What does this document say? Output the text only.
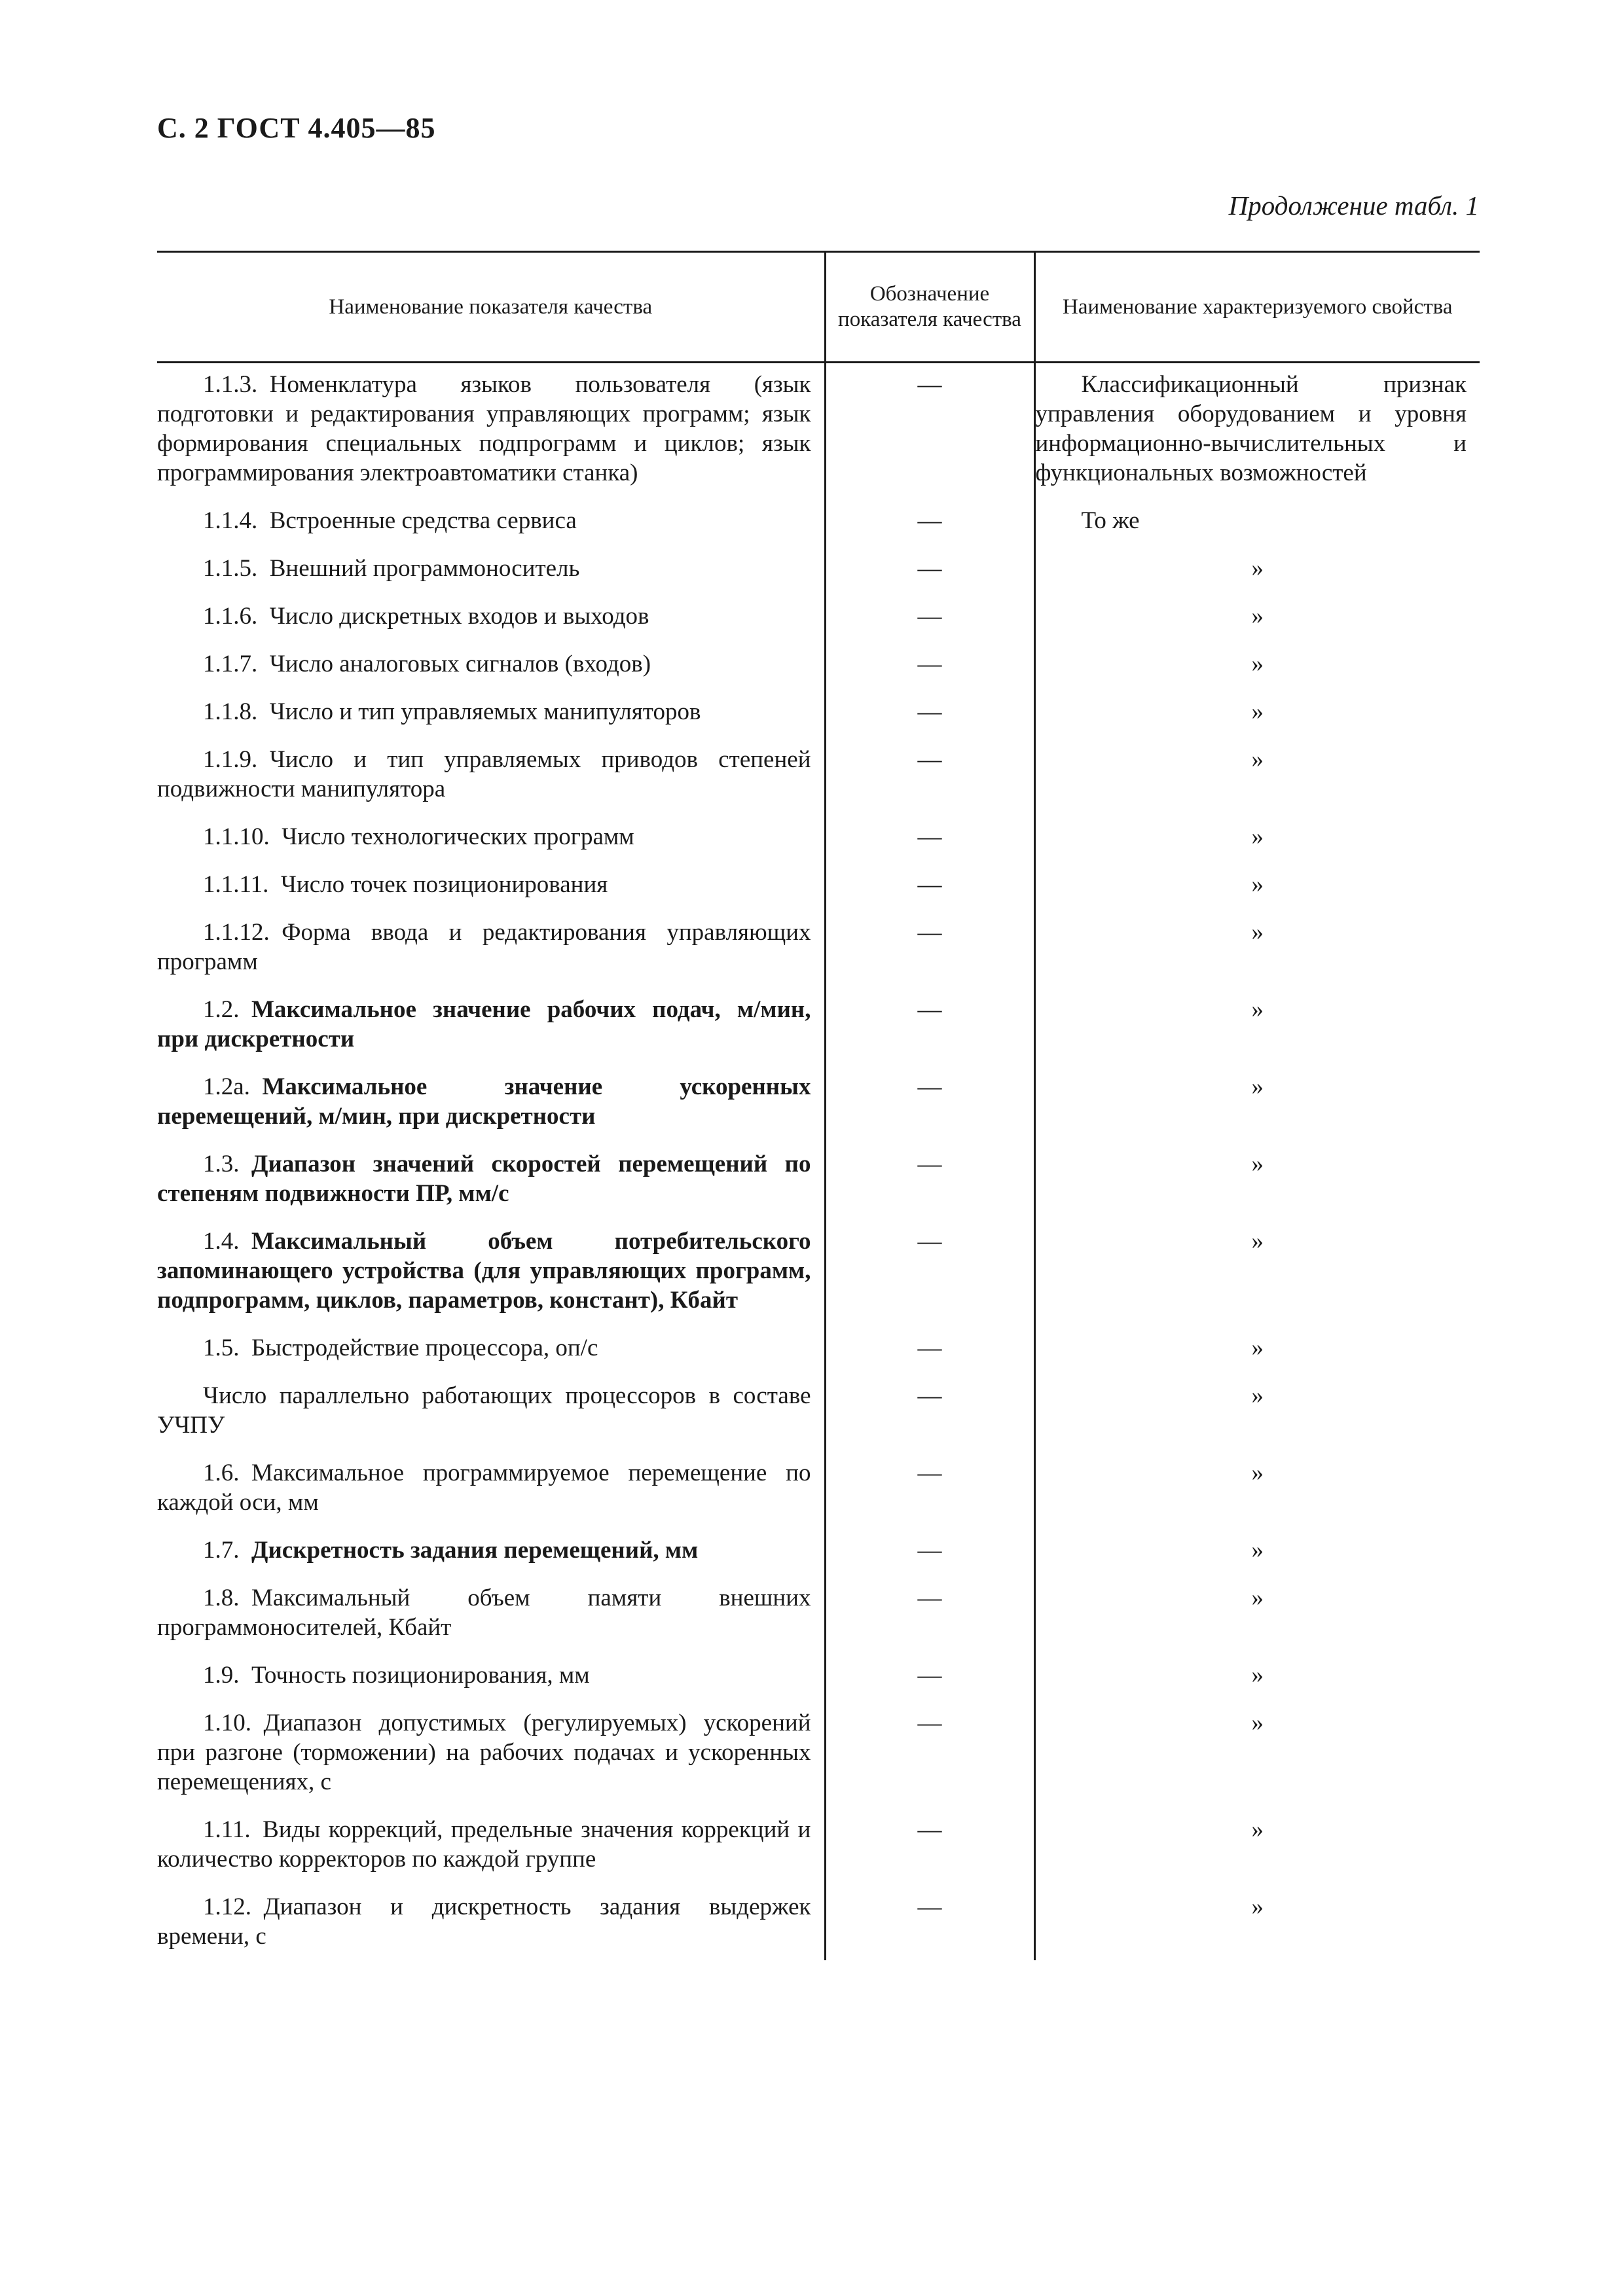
С. 2 ГОСТ 4.405—85
Продолжение табл. 1
Наименование показателя качества	Обозначение показателя качества	Наименование характеризуемого свойства
1.1.3.  Номенклатура языков пользователя (язык подготовки и редактирования управляющих программ; язык формирования специальных подпрограмм и циклов; язык программирования электроавтоматики станка)	—	Классификационный признак управления оборудованием и уровня информационно-вычислительных и функциональных возможностей

1.1.4.  Встроенные средства сервиса	—	То же

1.1.5.  Внешний программоноситель	—	»

1.1.6.  Число дискретных входов и выходов	—	»

1.1.7.  Число аналоговых сигналов (входов)	—	»

1.1.8.  Число и тип управляемых манипуляторов	—	»

1.1.9.  Число и тип управляемых приводов степеней подвижности манипулятора	—	»

1.1.10.  Число технологических программ	—	»

1.1.11.  Число точек позиционирования	—	»

1.1.12.  Форма ввода и редактирования управляющих программ	—	»

1.2.  Максимальное значение рабочих подач, м/мин, при дискретности	—	»

1.2а.  Максимальное значение ускоренных перемещений, м/мин, при дискретности	—	»

1.3.  Диапазон значений скоростей перемещений по степеням подвижности ПР, мм/с	—	»

1.4.  Максимальный объем потребительского запоминающего устройства (для управляющих программ, подпрограмм, циклов, параметров, констант), Кбайт	—	»

1.5.  Быстродействие процессора, оп/с	—	»

Число параллельно работающих процессоров в составе УЧПУ	—	»

1.6.  Максимальное программируемое перемещение по каждой оси, мм	—	»

1.7.  Дискретность задания перемещений, мм	—	»

1.8.  Максимальный объем памяти внешних программоносителей, Кбайт	—	»

1.9.  Точность позиционирования, мм	—	»

1.10.  Диапазон допустимых (регулируемых) ускорений при разгоне (торможении) на рабочих подачах и ускоренных перемещениях, с	—	»

1.11.  Виды коррекций, предельные значения коррекций и количество корректоров по каждой группе	—	»

1.12.  Диапазон и дискретность задания выдержек времени, с	—	»
